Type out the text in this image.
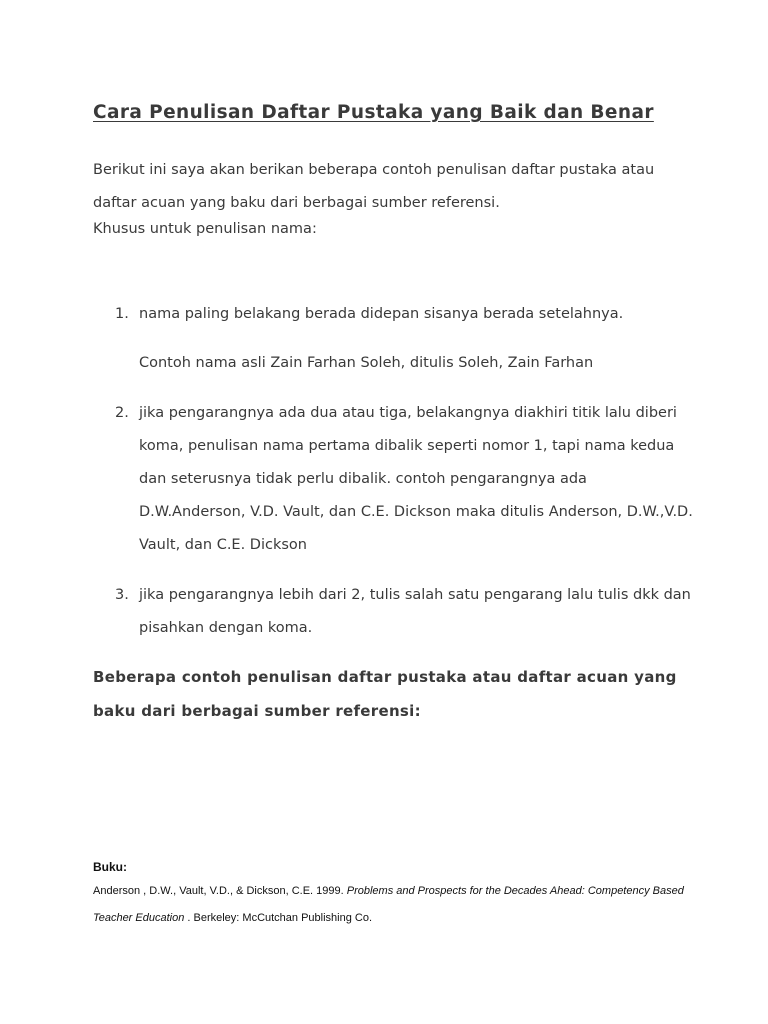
Cara Penulisan Daftar Pustaka yang Baik dan Benar

Berikut ini saya akan berikan beberapa contoh penulisan daftar pustaka atau

daftar acuan yang baku dari berbagai sumber referensi.

Khusus untuk penulisan nama:

1. nama paling belakang berada didepan sisanya berada setelahnya.
Contoh nama asli Zain Farhan Soleh, ditulis Soleh, Zain Farhan
2. jika pengarangnya ada dua atau tiga, belakangnya diakhiri titik lalu diberi koma, penulisan nama pertama dibalik seperti nomor 1, tapi nama kedua dan seterusnya tidak perlu dibalik. contoh pengarangnya ada D.W.Anderson, V.D. Vault, dan C.E. Dickson maka ditulis Anderson, D.W.,V.D. Vault, dan C.E. Dickson
3. jika pengarangnya lebih dari 2, tulis salah satu pengarang lalu tulis dkk dan pisahkan dengan koma.

Beberapa contoh penulisan daftar pustaka atau daftar acuan yang baku dari berbagai sumber referensi:

Buku:

Anderson , D.W., Vault, V.D., & Dickson, C.E. 1999. Problems and Prospects for the Decades Ahead: Competency Based Teacher Education . Berkeley: McCutchan Publishing Co.
